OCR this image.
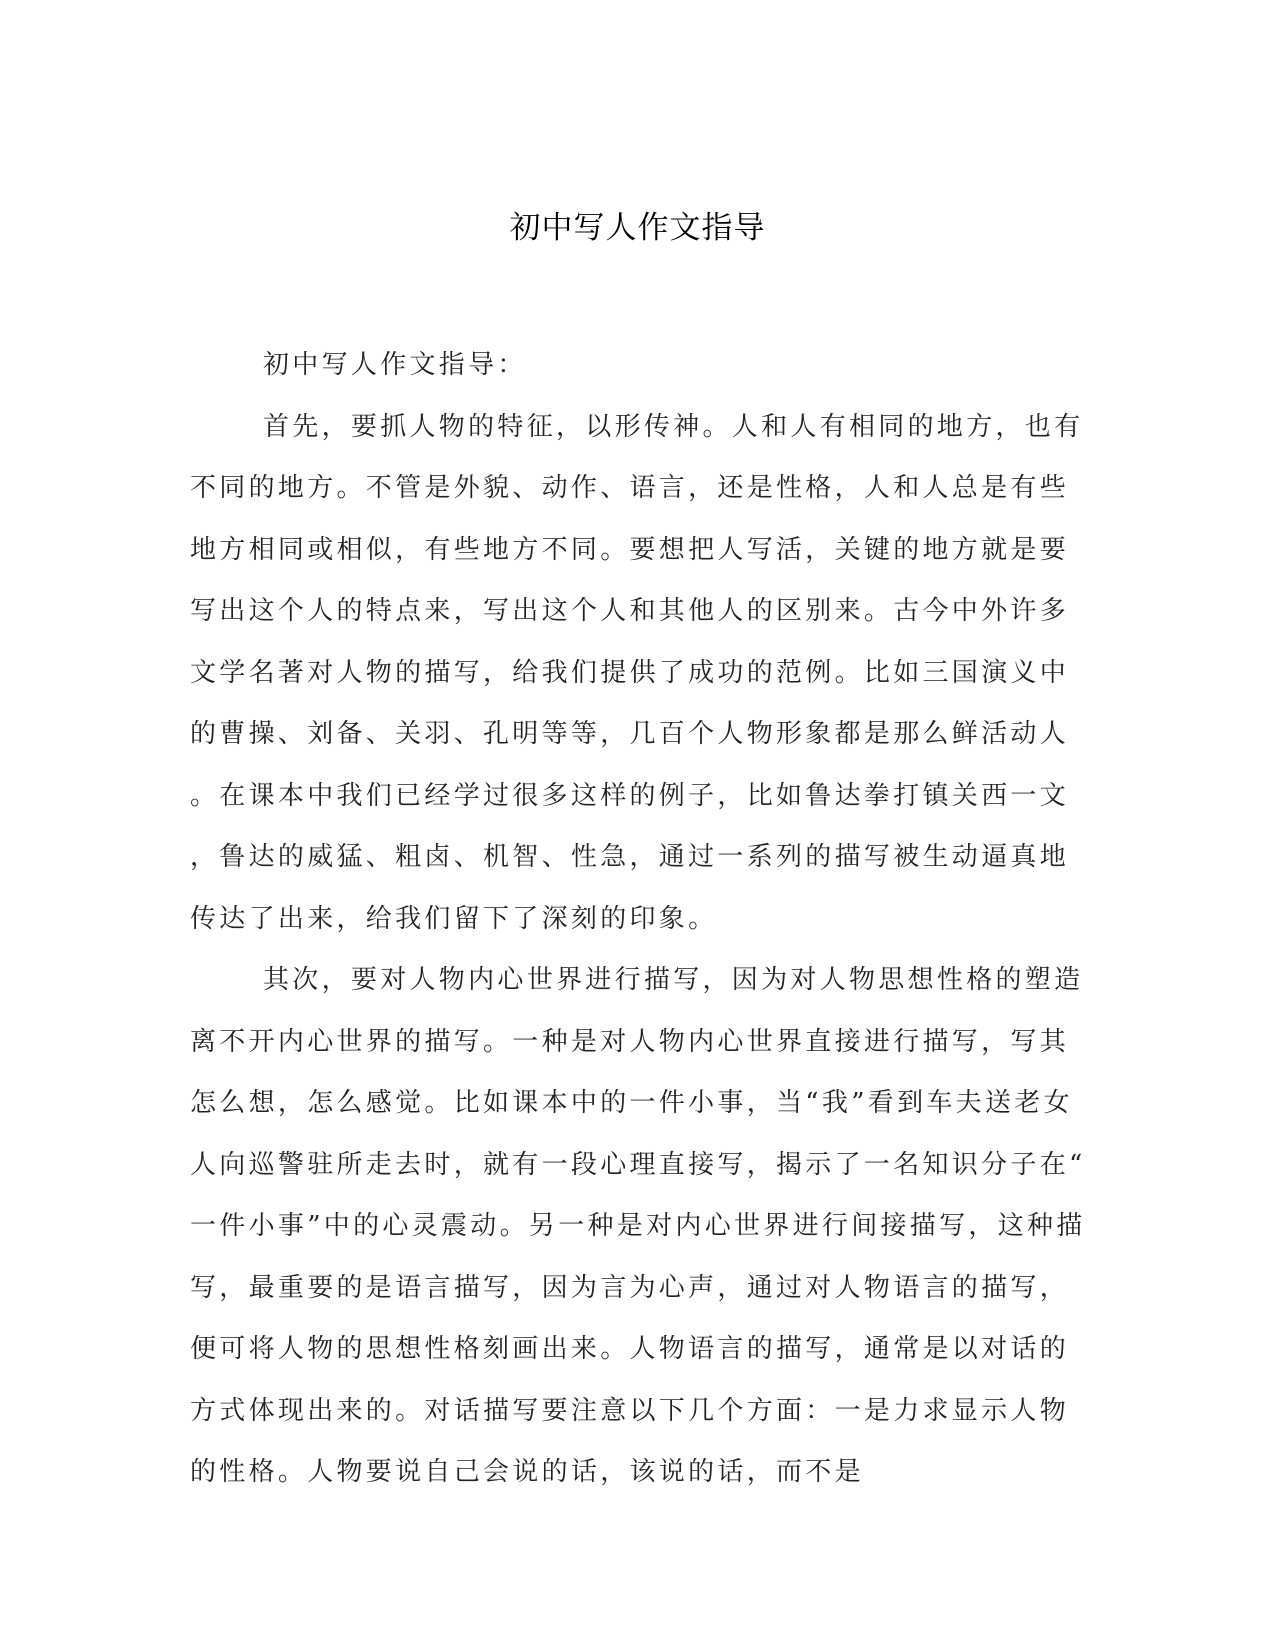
初中写人作文指导
初中写人作文指导：
首先，要抓人物的特征，以形传神。人和人有相同的地方，也有
不同的地方。不管是外貌、动作、语言，还是性格，人和人总是有些
地方相同或相似，有些地方不同。要想把人写活，关键的地方就是要
写出这个人的特点来，写出这个人和其他人的区别来。古今中外许多
文学名著对人物的描写，给我们提供了成功的范例。比如三国演义中
的曹操、刘备、关羽、孔明等等，几百个人物形象都是那么鲜活动人
。在课本中我们已经学过很多这样的例子，比如鲁达拳打镇关西一文
，鲁达的威猛、粗卤、机智、性急，通过一系列的描写被生动逼真地
传达了出来，给我们留下了深刻的印象。
其次，要对人物内心世界进行描写，因为对人物思想性格的塑造
离不开内心世界的描写。一种是对人物内心世界直接进行描写，写其
怎么想，怎么感觉。比如课本中的一件小事，当“我”看到车夫送老女
人向巡警驻所走去时，就有一段心理直接写，揭示了一名知识分子在“
一件小事”中的心灵震动。另一种是对内心世界进行间接描写，这种描
写，最重要的是语言描写，因为言为心声，通过对人物语言的描写，
便可将人物的思想性格刻画出来。人物语言的描写，通常是以对话的
方式体现出来的。对话描写要注意以下几个方面：一是力求显示人物
的性格。人物要说自己会说的话，该说的话，而不是
